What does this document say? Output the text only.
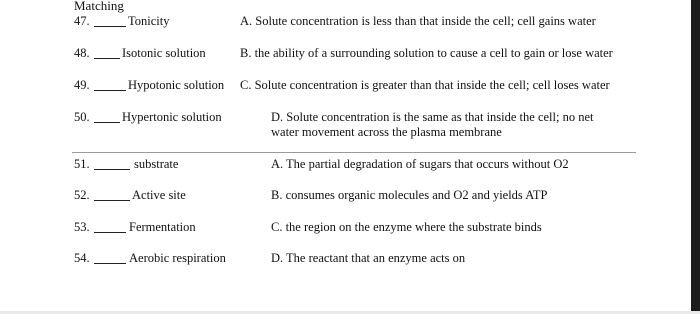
Matching
47.	Tonicity	A. Solute concentration is less than that inside the cell; cell gains water
48.	Isotonic solution	B. the ability of a surrounding solution to cause a cell to gain or lose water
49.	Hypotonic solution C. Solute concentration is greater than that inside the cell; cell loses water
50.	Hypertonic solution	D. Solute concentration is the same as that inside the cell; no net
water movement across the plasma membrane
51.	substrate	A. The partial degradation of sugars that occurs without O2
52.	Active site	B. consumes organic molecules and O2 and yields ATP
53.	Fermentation	C. the region on the enzyme where the substrate binds
54.	Aerobic respiration	D. The reactant that an enzyme acts on
